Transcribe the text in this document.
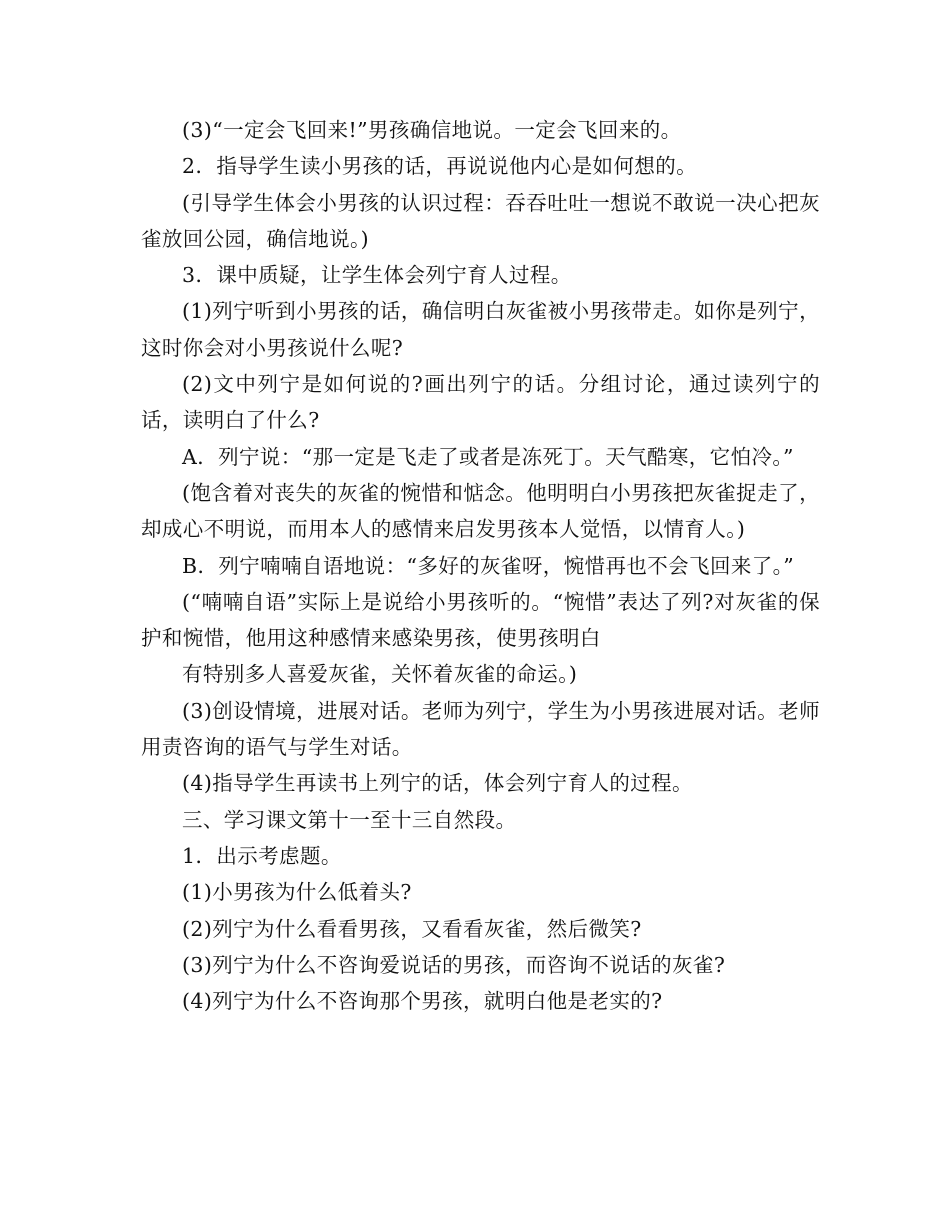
(3)“一定会飞回来!”男孩确信地说。一定会飞回来的。

2．指导学生读小男孩的话，再说说他内心是如何想的。

(引导学生体会小男孩的认识过程：吞吞吐吐一想说不敢说一决心把灰雀放回公园，确信地说。)

3．课中质疑，让学生体会列宁育人过程。

(1)列宁听到小男孩的话，确信明白灰雀被小男孩带走。如你是列宁，这时你会对小男孩说什么呢?

(2)文中列宁是如何说的?画出列宁的话。分组讨论，通过读列宁的话，读明白了什么?

A．列宁说：“那一定是飞走了或者是冻死丁。天气酷寒，它怕冷。”

(饱含着对丧失的灰雀的惋惜和惦念。他明明白小男孩把灰雀捉走了，却成心不明说，而用本人的感情来启发男孩本人觉悟，以情育人。)

B．列宁喃喃自语地说：“多好的灰雀呀，惋惜再也不会飞回来了。”

(“喃喃自语”实际上是说给小男孩听的。“惋惜”表达了列?对灰雀的保护和惋惜，他用这种感情来感染男孩，使男孩明白

有特别多人喜爱灰雀，关怀着灰雀的命运。)

(3)创设情境，进展对话。老师为列宁，学生为小男孩进展对话。老师用责咨询的语气与学生对话。

(4)指导学生再读书上列宁的话，体会列宁育人的过程。

三、学习课文第十一至十三自然段。

1．出示考虑题。

(1)小男孩为什么低着头?

(2)列宁为什么看看男孩，又看看灰雀，然后微笑?

(3)列宁为什么不咨询爱说话的男孩，而咨询不说话的灰雀?

(4)列宁为什么不咨询那个男孩，就明白他是老实的?
